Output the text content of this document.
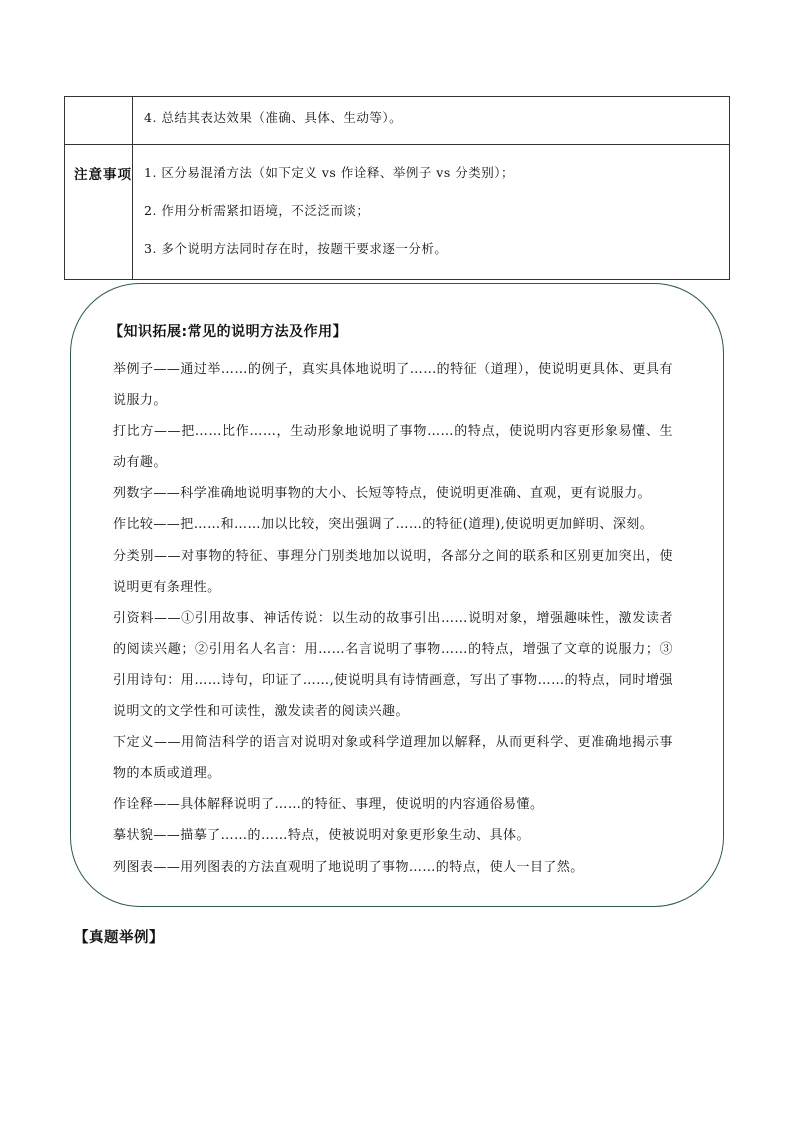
	4. 总结其表达效果（准确、具体、生动等）。

注意事项	1. 区分易混淆方法（如下定义 vs 作诠释、举例子 vs 分类别）；
2. 作用分析需紧扣语境，不泛泛而谈；
3. 多个说明方法同时存在时，按题干要求逐一分析。
【知识拓展:常见的说明方法及作用】

举例子——通过举……的例子，真实具体地说明了……的特征（道理），使说明更具体、更具有说服力。

打比方——把……比作……，生动形象地说明了事物……的特点，使说明内容更形象易懂、生动有趣。

列数字——科学准确地说明事物的大小、长短等特点，使说明更准确、直观，更有说服力。

作比较——把……和……加以比较，突出强调了……的特征(道理),使说明更加鲜明、深刻。

分类别——对事物的特征、事理分门别类地加以说明，各部分之间的联系和区别更加突出，使说明更有条理性。

引资料——①引用故事、神话传说：以生动的故事引出……说明对象，增强趣味性，激发读者的阅读兴趣；②引用名人名言：用……名言说明了事物……的特点，增强了文章的说服力；③引用诗句：用……诗句，印证了……,使说明具有诗情画意，写出了事物……的特点，同时增强说明文的文学性和可读性，激发读者的阅读兴趣。

下定义——用简洁科学的语言对说明对象或科学道理加以解释，从而更科学、更准确地揭示事物的本质或道理。

作诠释——具体解释说明了……的特征、事理，使说明的内容通俗易懂。

摹状貌——描摹了……的……特点，使被说明对象更形象生动、具体。

列图表——用列图表的方法直观明了地说明了事物……的特点，使人一目了然。

【真题举例】
